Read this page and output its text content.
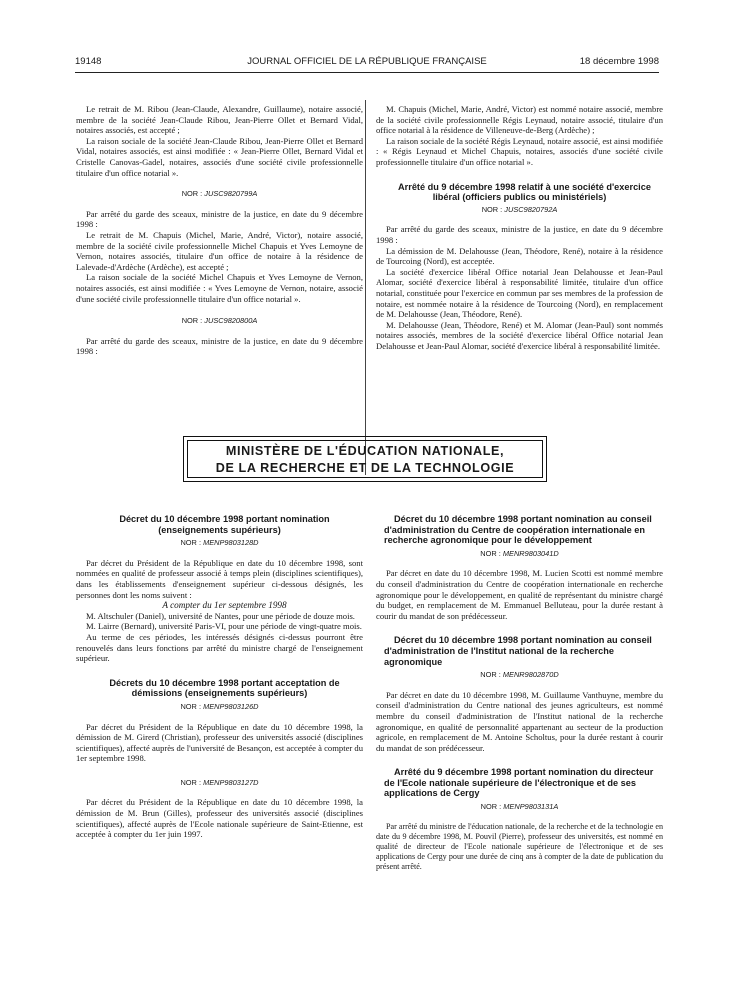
19148	JOURNAL OFFICIEL DE LA RÉPUBLIQUE FRANÇAISE	18 décembre 1998

Le retrait de M. Ribou (Jean-Claude, Alexandre, Guillaume), notaire associé, membre de la société Jean-Claude Ribou, Jean-Pierre Ollet et Bernard Vidal, notaires associés, est accepté ;

La raison sociale de la société Jean-Claude Ribou, Jean-Pierre Ollet et Bernard Vidal, notaires associés, est ainsi modifiée : « Jean-Pierre Ollet, Bernard Vidal et Cristelle Canovas-Gadel, notaires, associés d'une société civile professionnelle titulaire d'un office notarial ».

NOR : JUSC9820799A

Par arrêté du garde des sceaux, ministre de la justice, en date du 9 décembre 1998 :

Le retrait de M. Chapuis (Michel, Marie, André, Victor), notaire associé, membre de la société civile professionnelle Michel Chapuis et Yves Lemoyne de Vernon, notaires associés, titulaire d'un office de notaire à la résidence de Lalevade-d'Ardèche (Ardèche), est accepté ;

La raison sociale de la société Michel Chapuis et Yves Lemoyne de Vernon, notaires associés, est ainsi modifiée : « Yves Lemoyne de Vernon, notaire, associé d'une société civile professionnelle titulaire d'un office notarial ».

NOR : JUSC9820800A

Par arrêté du garde des sceaux, ministre de la justice, en date du 9 décembre 1998 :

M. Chapuis (Michel, Marie, André, Victor) est nommé notaire associé, membre de la société civile professionnelle Régis Leynaud, notaire associé, titulaire d'un office notarial à la résidence de Villeneuve-de-Berg (Ardèche) ;

La raison sociale de la société Régis Leynaud, notaire associé, est ainsi modifiée : « Régis Leynaud et Michel Chapuis, notaires, associés d'une société civile professionnelle titulaire d'un office notarial ».

Arrêté du 9 décembre 1998 relatif à une société d'exercice libéral (officiers publics ou ministériels)

NOR : JUSC9820792A

Par arrêté du garde des sceaux, ministre de la justice, en date du 9 décembre 1998 :

La démission de M. Delahousse (Jean, Théodore, René), notaire à la résidence de Tourcoing (Nord), est acceptée.

La société d'exercice libéral Office notarial Jean Delahousse et Jean-Paul Alomar, société d'exercice libéral à responsabilité limitée, titulaire d'un office notarial, constituée pour l'exercice en commun par ses membres de la profession de notaire, est nommée notaire à la résidence de Tourcoing (Nord), en remplacement de M. Delahousse (Jean, Théodore, René).

M. Delahousse (Jean, Théodore, René) et M. Alomar (Jean-Paul) sont nommés notaires associés, membres de la société d'exercice libéral Office notarial Jean Delahousse et Jean-Paul Alomar, société d'exercice libéral à responsabilité limitée.

MINISTÈRE DE L'ÉDUCATION NATIONALE,
DE LA RECHERCHE ET DE LA TECHNOLOGIE

Décret du 10 décembre 1998 portant nomination (enseignements supérieurs)

NOR : MENP9803128D

Par décret du Président de la République en date du 10 décembre 1998, sont nommées en qualité de professeur associé à temps plein (disciplines scientifiques), dans les établissements d'enseignement supérieur ci-dessous désignés, les personnes dont les noms suivent :

A compter du 1er septembre 1998

M. Altschuler (Daniel), université de Nantes, pour une période de douze mois.

M. Lairre (Bernard), université Paris-VI, pour une période de vingt-quatre mois.

Au terme de ces périodes, les intéressés désignés ci-dessus pourront être renouvelés dans leurs fonctions par arrêté du ministre chargé de l'enseignement supérieur.

Décrets du 10 décembre 1998 portant acceptation de démissions (enseignements supérieurs)

NOR : MENP9803126D

Par décret du Président de la République en date du 10 décembre 1998, la démission de M. Girerd (Christian), professeur des universités associé (disciplines scientifiques), affecté auprès de l'université de Besançon, est acceptée à compter du 1er septembre 1998.

NOR : MENP9803127D

Par décret du Président de la République en date du 10 décembre 1998, la démission de M. Brun (Gilles), professeur des universités associé (disciplines scientifiques), affecté auprès de l'Ecole nationale supérieure de Saint-Etienne, est acceptée à compter du 1er juin 1997.

Décret du 10 décembre 1998 portant nomination au conseil d'administration du Centre de coopération internationale en recherche agronomique pour le développement

NOR : MENR9803041D

Par décret en date du 10 décembre 1998, M. Lucien Scotti est nommé membre du conseil d'administration du Centre de coopération internationale en recherche agronomique pour le développement, en qualité de représentant du ministre chargé du budget, en remplacement de M. Emmanuel Belluteau, pour la durée restant à courir du mandat de son prédécesseur.

Décret du 10 décembre 1998 portant nomination au conseil d'administration de l'Institut national de la recherche agronomique

NOR : MENR9802870D

Par décret en date du 10 décembre 1998, M. Guillaume Vanthuyne, membre du conseil d'administration du Centre national des jeunes agriculteurs, est nommé membre du conseil d'administration de l'Institut national de la recherche agronomique, en qualité de personnalité appartenant au secteur de la production agricole, en remplacement de M. Antoine Scholtus, pour la durée restant à courir du mandat de son prédécesseur.

Arrêté du 9 décembre 1998 portant nomination du directeur de l'Ecole nationale supérieure de l'électronique et de ses applications de Cergy

NOR : MENP9803131A

Par arrêté du ministre de l'éducation nationale, de la recherche et de la technologie en date du 9 décembre 1998, M. Pouvil (Pierre), professeur des universités, est nommé en qualité de directeur de l'Ecole nationale supérieure de l'électronique et de ses applications de Cergy pour une durée de cinq ans à compter de la date de publication du présent arrêté.
